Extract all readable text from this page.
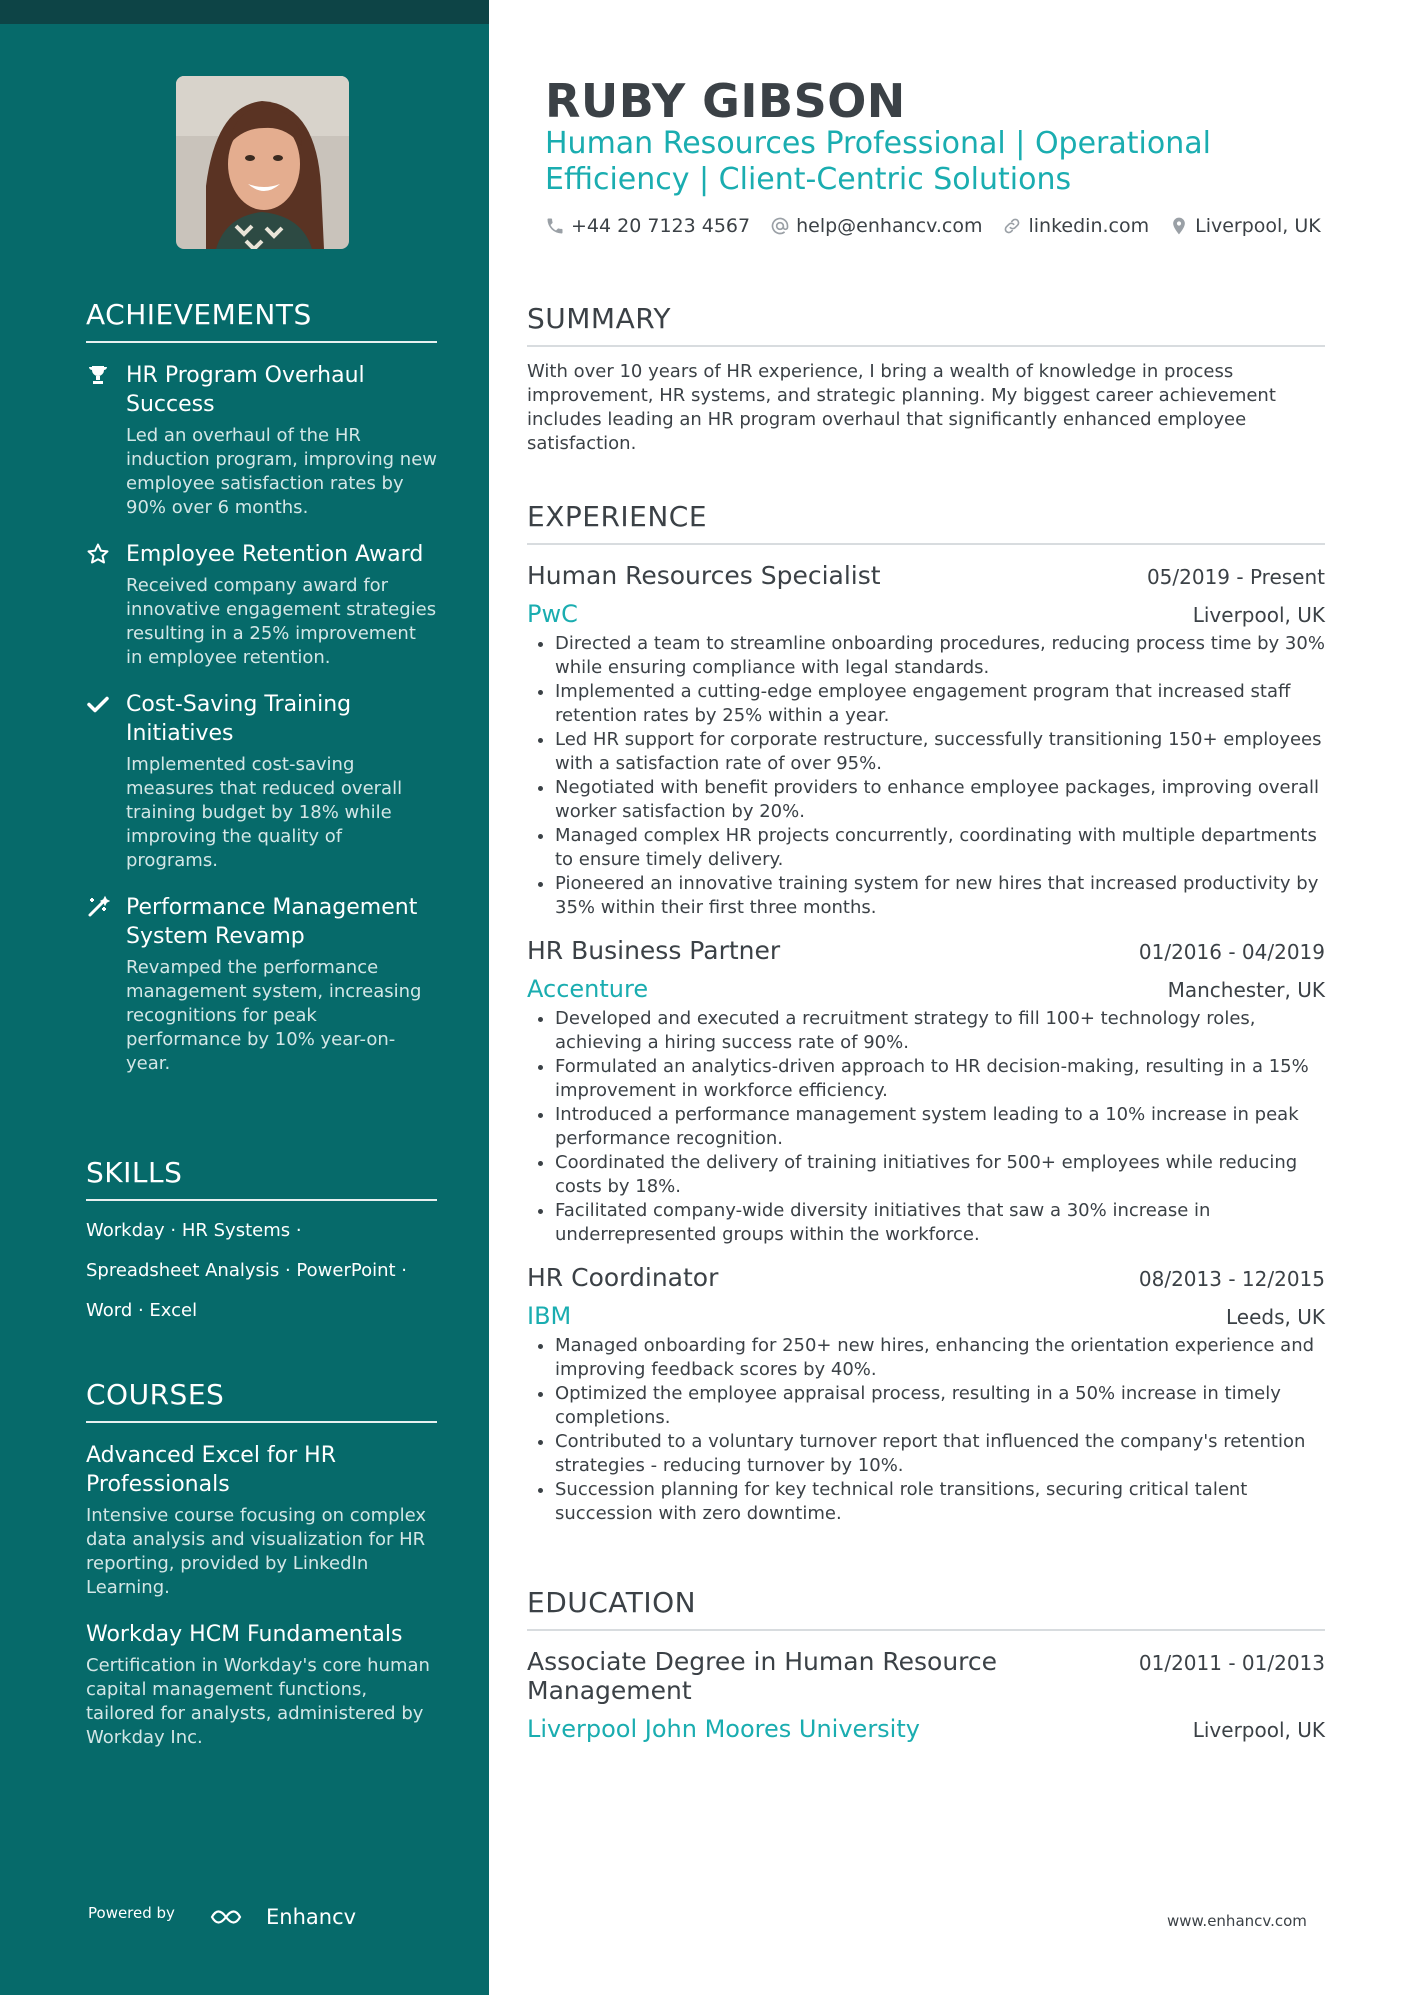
ACHIEVEMENTS
HR Program Overhaul Success
Led an overhaul of the HR induction program, improving new employee satisfaction rates by 90% over 6 months.
Employee Retention Award
Received company award for innovative engagement strategies resulting in a 25% improvement in employee retention.
Cost-Saving Training Initiatives
Implemented cost-saving measures that reduced overall training budget by 18% while improving the quality of programs.
Performance Management System Revamp
Revamped the performance management system, increasing recognitions for peak performance by 10% year-on-year.
SKILLS
Workday · HR Systems ·
Spreadsheet Analysis · PowerPoint ·
Word · Excel
COURSES
Advanced Excel for HR Professionals
Intensive course focusing on complex data analysis and visualization for HR reporting, provided by LinkedIn Learning.
Workday HCM Fundamentals
Certification in Workday's core human capital management functions, tailored for analysts, administered by Workday Inc.
Powered by	Enhancv
RUBY GIBSON
Human Resources Professional | Operational Efficiency | Client-Centric Solutions
+44 20 7123 4567 help@enhancv.com linkedin.com Liverpool, UK
SUMMARY
With over 10 years of HR experience, I bring a wealth of knowledge in process improvement, HR systems, and strategic planning. My biggest career achievement includes leading an HR program overhaul that significantly enhanced employee satisfaction.
EXPERIENCE
Human Resources Specialist	05/2019 - Present
PwC	Liverpool, UK
• Directed a team to streamline onboarding procedures, reducing process time by 30% while ensuring compliance with legal standards.
• Implemented a cutting-edge employee engagement program that increased staff retention rates by 25% within a year.
• Led HR support for corporate restructure, successfully transitioning 150+ employees with a satisfaction rate of over 95%.
• Negotiated with benefit providers to enhance employee packages, improving overall worker satisfaction by 20%.
• Managed complex HR projects concurrently, coordinating with multiple departments to ensure timely delivery.
• Pioneered an innovative training system for new hires that increased productivity by 35% within their first three months.
HR Business Partner	01/2016 - 04/2019
Accenture	Manchester, UK
• Developed and executed a recruitment strategy to fill 100+ technology roles, achieving a hiring success rate of 90%.
• Formulated an analytics-driven approach to HR decision-making, resulting in a 15% improvement in workforce efficiency.
• Introduced a performance management system leading to a 10% increase in peak performance recognition.
• Coordinated the delivery of training initiatives for 500+ employees while reducing costs by 18%.
• Facilitated company-wide diversity initiatives that saw a 30% increase in underrepresented groups within the workforce.
HR Coordinator	08/2013 - 12/2015
IBM	Leeds, UK
• Managed onboarding for 250+ new hires, enhancing the orientation experience and improving feedback scores by 40%.
• Optimized the employee appraisal process, resulting in a 50% increase in timely completions.
• Contributed to a voluntary turnover report that influenced the company's retention strategies - reducing turnover by 10%.
• Succession planning for key technical role transitions, securing critical talent succession with zero downtime.
EDUCATION
Associate Degree in Human Resource Management
01/2011 - 01/2013
Liverpool John Moores University	Liverpool, UK
www.enhancv.com
